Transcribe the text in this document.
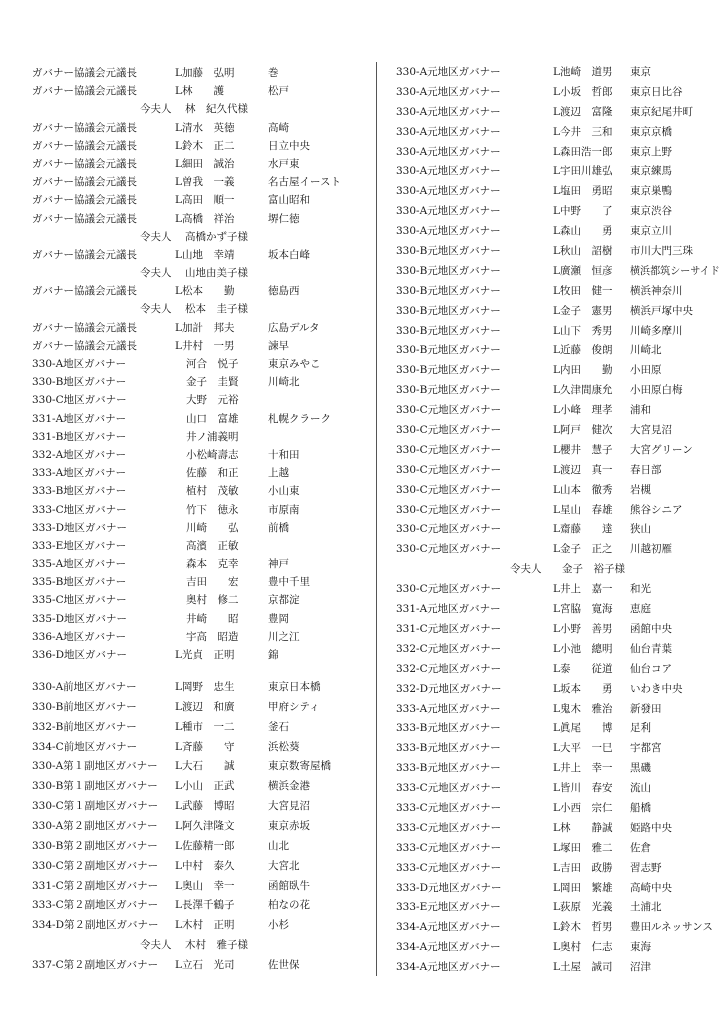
ガバナー協議会元議長	L加藤　弘明	巻
ガバナー協議会元議長	L林　　護	松戸
今夫人	林　紀久代様
ガバナー協議会元議長	L清水　英徳	高崎
ガバナー協議会元議長	L鈴木　正二	日立中央
ガバナー協議会元議長	L細田　誠治	水戸東
ガバナー協議会元議長	L曽我　一義	名古屋イースト
ガバナー協議会元議長	L高田　順一	富山昭和
ガバナー協議会元議長	L高橋　祥治	堺仁徳
令夫人	高橋かず子様
ガバナー協議会元議長	L山地　幸靖	坂本白峰
令夫人	山地由美子様
ガバナー協議会元議長	L松本　　勤	徳島西
令夫人	松本　圭子様
ガバナー協議会元議長	L加計　邦夫	広島デルタ
ガバナー協議会元議長	L井村　一男	諫早
330-A地区ガバナー	河合　悦子	東京みやこ
330-B地区ガバナー	金子　圭賢	川崎北
330-C地区ガバナー	大野　元裕
331-A地区ガバナー	山口　富雄	札幌クラーク
331-B地区ガバナー	井ノ浦義明
332-A地区ガバナー	小松崎壽志	十和田
333-A地区ガバナー	佐藤　和正	上越
333-B地区ガバナー	植村　茂敏	小山東
333-C地区ガバナー	竹下　徳永	市原南
333-D地区ガバナー	川崎　　弘	前橋
333-E地区ガバナー	高濱　正敏
335-A地区ガバナー	森本　克幸	神戸
335-B地区ガバナー	吉田　　宏	豊中千里
335-C地区ガバナー	奥村　修二	京都淀
335-D地区ガバナー	井崎　　昭	豊岡
336-A地区ガバナー	宇高　昭造	川之江
336-D地区ガバナー	L光貞　正明	錦
330-A前地区ガバナー	L岡野　忠生	東京日本橋
330-B前地区ガバナー	L渡辺　和廣	甲府シティ
332-B前地区ガバナー	L種市　一二	釜石
334-C前地区ガバナー	L斉藤　　守	浜松葵
330-A第１副地区ガバナー	L大石　　誠	東京数寄屋橋
330-B第１副地区ガバナー	L小山　正武	横浜金港
330-C第１副地区ガバナー	L武藤　博昭	大宮見沼
330-A第２副地区ガバナー	L阿久津隆文	東京赤坂
330-B第２副地区ガバナー	L佐藤精一郎	山北
330-C第２副地区ガバナー	L中村　泰久	大宮北
331-C第２副地区ガバナー	L奥山　幸一	函館臥牛
333-C第２副地区ガバナー	L長澤千鶴子	柏なの花
334-D第２副地区ガバナー	L木村　正明	小杉
令夫人	木村　雅子様
337-C第２副地区ガバナー	L立石　光司	佐世保
330-A元地区ガバナー	L池崎　道男	東京
330-A元地区ガバナー	L小坂　哲郎	東京日比谷
330-A元地区ガバナー	L渡辺　富隆	東京紀尾井町
330-A元地区ガバナー	L今井　三和	東京京橋
330-A元地区ガバナー	L森田浩一郎	東京上野
330-A元地区ガバナー	L宇田川雄弘	東京練馬
330-A元地区ガバナー	L塩田　勇昭	東京巣鴨
330-A元地区ガバナー	L中野　　了	東京渋谷
330-A元地区ガバナー	L森山　　勇	東京立川
330-B元地区ガバナー	L秋山　詔樹	市川大門三珠
330-B元地区ガバナー	L廣瀬　恒彦	横浜都筑シーサイド
330-B元地区ガバナー	L牧田　健一	横浜神奈川
330-B元地区ガバナー	L金子　憲男	横浜戸塚中央
330-B元地区ガバナー	L山下　秀男	川崎多摩川
330-B元地区ガバナー	L近藤　俊朗	川崎北
330-B元地区ガバナー	L内田　　勤	小田原
330-B元地区ガバナー	L久津間康允	小田原白梅
330-C元地区ガバナー	L小峰　理孝	浦和
330-C元地区ガバナー	L阿戸　健次	大宮見沼
330-C元地区ガバナー	L櫻井　慧子	大宮グリーン
330-C元地区ガバナー	L渡辺　真一	春日部
330-C元地区ガバナー	L山本　徹秀	岩槻
330-C元地区ガバナー	L星山　春雄	熊谷シニア
330-C元地区ガバナー	L齋藤　　達	狭山
330-C元地区ガバナー	L金子　正之	川越初雁
令夫人	金子　裕子様
330-C元地区ガバナー	L井上　嘉一	和光
331-A元地区ガバナー	L宮脇　寛海	恵庭
331-C元地区ガバナー	L小野　善男	函館中央
332-C元地区ガバナー	L小池　總明	仙台青葉
332-C元地区ガバナー	L泰　　従道	仙台コア
332-D元地区ガバナー	L坂本　　勇	いわき中央
333-A元地区ガバナー	L鬼木　雅治	新發田
333-B元地区ガバナー	L眞尾　　博	足利
333-B元地区ガバナー	L大平　一巳	宇都宮
333-B元地区ガバナー	L井上　幸一	黒磯
333-C元地区ガバナー	L皆川　春安	流山
333-C元地区ガバナー	L小西　宗仁	船橋
333-C元地区ガバナー	L林　　静誠	姫路中央
333-C元地区ガバナー	L塚田　雅二	佐倉
333-C元地区ガバナー	L吉田　政勝	習志野
333-D元地区ガバナー	L岡田　繁雄	高崎中央
333-E元地区ガバナー	L荻原　光義	土浦北
334-A元地区ガバナー	L鈴木　哲男	豊田ルネッサンス
334-A元地区ガバナー	L奥村　仁志	東海
334-A元地区ガバナー	L土屋　誠司	沼津
